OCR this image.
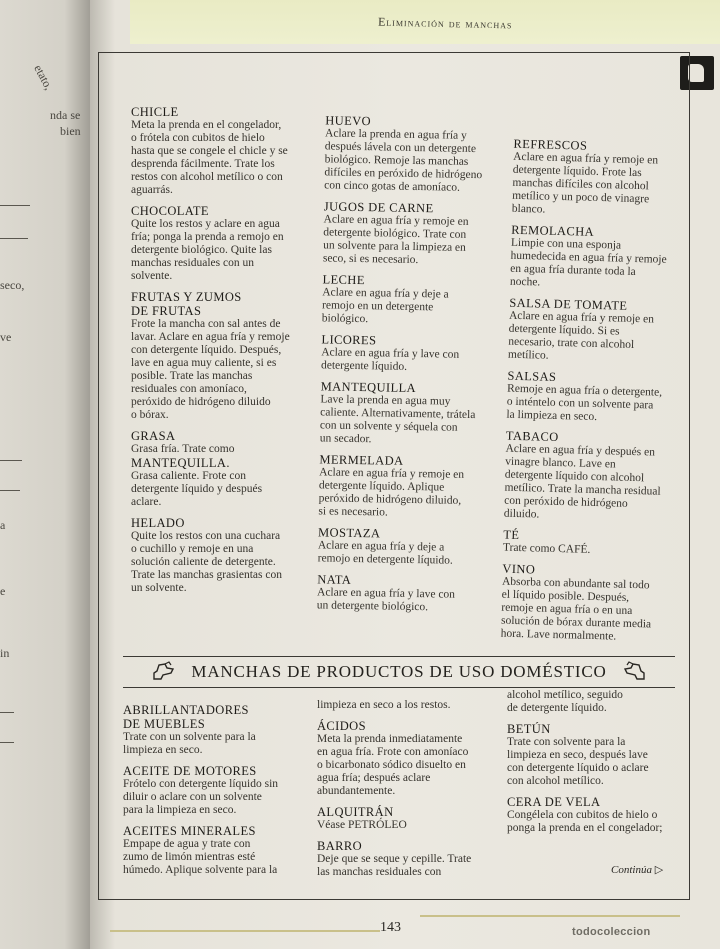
etato,
nda se
bien
seco,
ve
a
e
in
Eliminación de manchas
CHICLE
Meta la prenda en el congelador,
o frótela con cubitos de hielo
hasta que se congele el chicle y se
desprenda fácilmente. Trate los
restos con alcohol metílico o con
aguarrás.
CHOCOLATE
Quite los restos y aclare en agua
fría; ponga la prenda a remojo en
detergente biológico. Quite las
manchas residuales con un
solvente.
FRUTAS Y ZUMOS
DE FRUTAS
Frote la mancha con sal antes de
lavar. Aclare en agua fría y remoje
con detergente líquido. Después,
lave en agua muy caliente, si es
posible. Trate las manchas
residuales con amoníaco,
peróxido de hidrógeno diluido
o bórax.
GRASA
Grasa fría. Trate como
MANTEQUILLA.
Grasa caliente. Frote con
detergente líquido y después
aclare.
HELADO
Quite los restos con una cuchara
o cuchillo y remoje en una
solución caliente de detergente.
Trate las manchas grasientas con
un solvente.
HUEVO
Aclare la prenda en agua fría y
después lávela con un detergente
biológico. Remoje las manchas
difíciles en peróxido de hidrógeno
con cinco gotas de amoníaco.
JUGOS DE CARNE
Aclare en agua fría y remoje en
detergente biológico. Trate con
un solvente para la limpieza en
seco, si es necesario.
LECHE
Aclare en agua fría y deje a
remojo en un detergente
biológico.
LICORES
Aclare en agua fría y lave con
detergente líquido.
MANTEQUILLA
Lave la prenda en agua muy
caliente. Alternativamente, trátela
con un solvente y séquela con
un secador.
MERMELADA
Aclare en agua fría y remoje en
detergente líquido. Aplique
peróxido de hidrógeno diluido,
si es necesario.
MOSTAZA
Aclare en agua fría y deje a
remojo en detergente líquido.
NATA
Aclare en agua fría y lave con
un detergente biológico.
REFRESCOS
Aclare en agua fría y remoje en
detergente líquido. Frote las
manchas difíciles con alcohol
metílico y un poco de vinagre
blanco.
REMOLACHA
Limpie con una esponja
humedecida en agua fría y remoje
en agua fría durante toda la
noche.
SALSA DE TOMATE
Aclare en agua fría y remoje en
detergente líquido. Si es
necesario, trate con alcohol
metílico.
SALSAS
Remoje en agua fría o detergente,
o inténtelo con un solvente para
la limpieza en seco.
TABACO
Aclare en agua fría y después en
vinagre blanco. Lave en
detergente líquido con alcohol
metílico. Trate la mancha residual
con peróxido de hidrógeno
diluido.
TÉ
Trate como CAFÉ.
VINO
Absorba con abundante sal todo
el líquido posible. Después,
remoje en agua fría o en una
solución de bórax durante media
hora. Lave normalmente.
MANCHAS DE PRODUCTOS DE USO DOMÉSTICO
ABRILLANTADORES
DE MUEBLES
Trate con un solvente para la
limpieza en seco.
ACEITE DE MOTORES
Frótelo con detergente líquido sin
diluir o aclare con un solvente
para la limpieza en seco.
ACEITES MINERALES
Empape de agua y trate con
zumo de limón mientras esté
húmedo. Aplique solvente para la
limpieza en seco a los restos.
ÁCIDOS
Meta la prenda inmediatamente
en agua fría. Frote con amoníaco
o bicarbonato sódico disuelto en
agua fría; después aclare
abundantemente.
ALQUITRÁN
Véase PETRÓLEO
BARRO
Deje que se seque y cepille. Trate
las manchas residuales con
alcohol metílico, seguido
de detergente líquido.
BETÚN
Trate con solvente para la
limpieza en seco, después lave
con detergente líquido o aclare
con alcohol metílico.
CERA DE VELA
Congélela con cubitos de hielo o
ponga la prenda en el congelador;
Continúa ▷
143	todocoleccion
